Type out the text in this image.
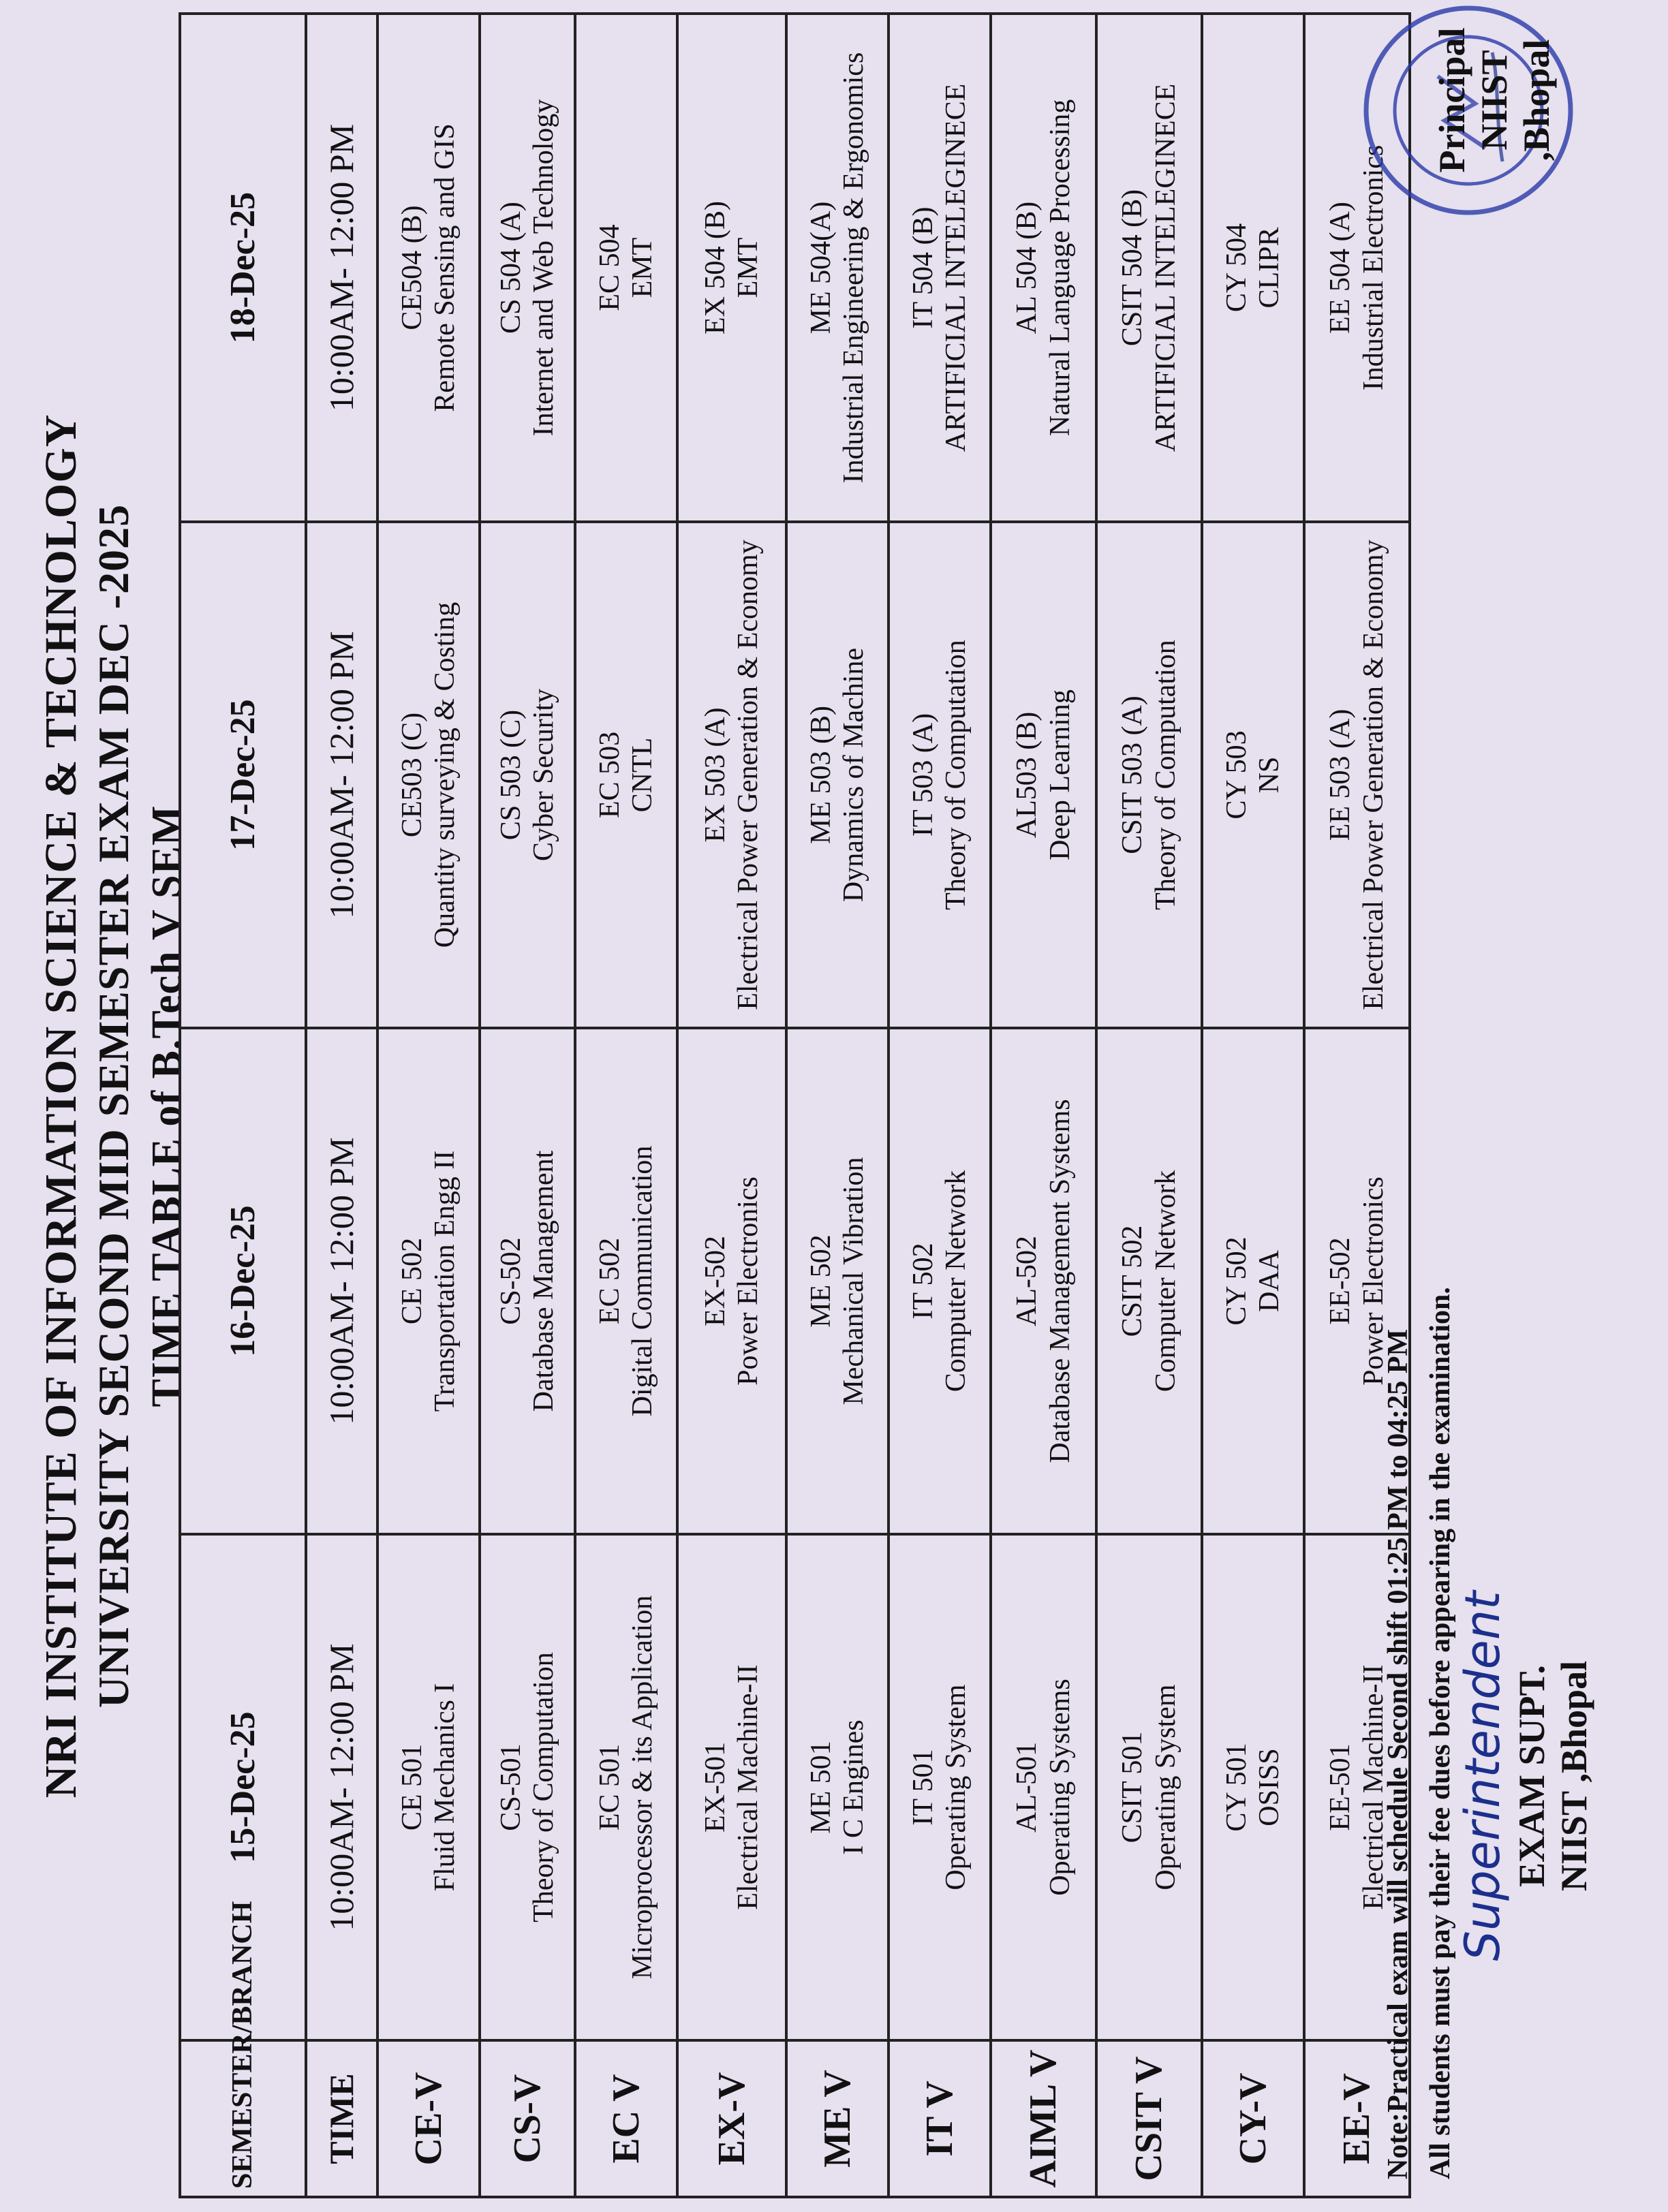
NRI INSTITUTE OF INFORMATION SCIENCE & TECHNOLOGY UNIVERSITY SECOND MID SEMESTER EXAM DEC -2025 TIME TABLE of B.Tech V SEM
SEMESTER/BRANCH	15-Dec-25	16-Dec-25	17-Dec-25	18-Dec-25
TIME	10:00AM- 12:00 PM	10:00AM- 12:00 PM	10:00AM- 12:00 PM	10:00AM- 12:00 PM
CE-V	CE 501 Fluid Mechanics I	CE 502 Transportation Engg II	CE503 (C) Quantity surveying & Costing	CE504 (B) Remote Sensing and GIS

CS-V	CS-501 Theory of Computation	CS-502 Database Management	CS 503 (C) Cyber Security	CS 504 (A) Internet and Web Technology

EC V	EC 501 Microprocessor & its Application	EC 502 Digital Communication	EC 503 CNTL	EC 504 EMT

EX-V	EX-501 Electrical Machine-II	EX-502 Power Electronics	EX 503 (A) Electrical Power Generation & Economy	EX 504 (B) EMT

ME V	ME 501 I C Engines	ME 502 Mechanical Vibration	ME 503 (B) Dynamics of Machine	ME 504(A) Industrial Engineering & Ergonomics

IT V	IT 501 Operating System	IT 502 Computer Network	IT 503 (A) Theory of Computation	IT 504 (B) ARTIFICIAL INTELEGINECE

AIML V	AL-501 Operating Systems	AL-502 Database Management Systems	AL503 (B) Deep Learning	AL 504 (B) Natural Language Processing

CSIT V	CSIT 501 Operating System	CSIT 502 Computer Network	CSIT 503 (A) Theory of Computation	CSIT 504 (B) ARTIFICIAL INTELEGINECE

CY-V	CY 501 OSISS	CY 502 DAA	CY 503 NS	CY 504 CLIPR

EE-V	EE-501 Electrical Machine-II	EE-502 Power Electronics	EE 503 (A) Electrical Power Generation & Economy	EE 504 (A) Industrial Electronics
Note:Practical exam will schedule Second shift 01:25 PM to 04:25 PM All students must pay their fee dues before appearing in the examination.
Superintendent EXAM SUPT. NIIST ,Bhopal
Principal NIIST ,Bhopal
